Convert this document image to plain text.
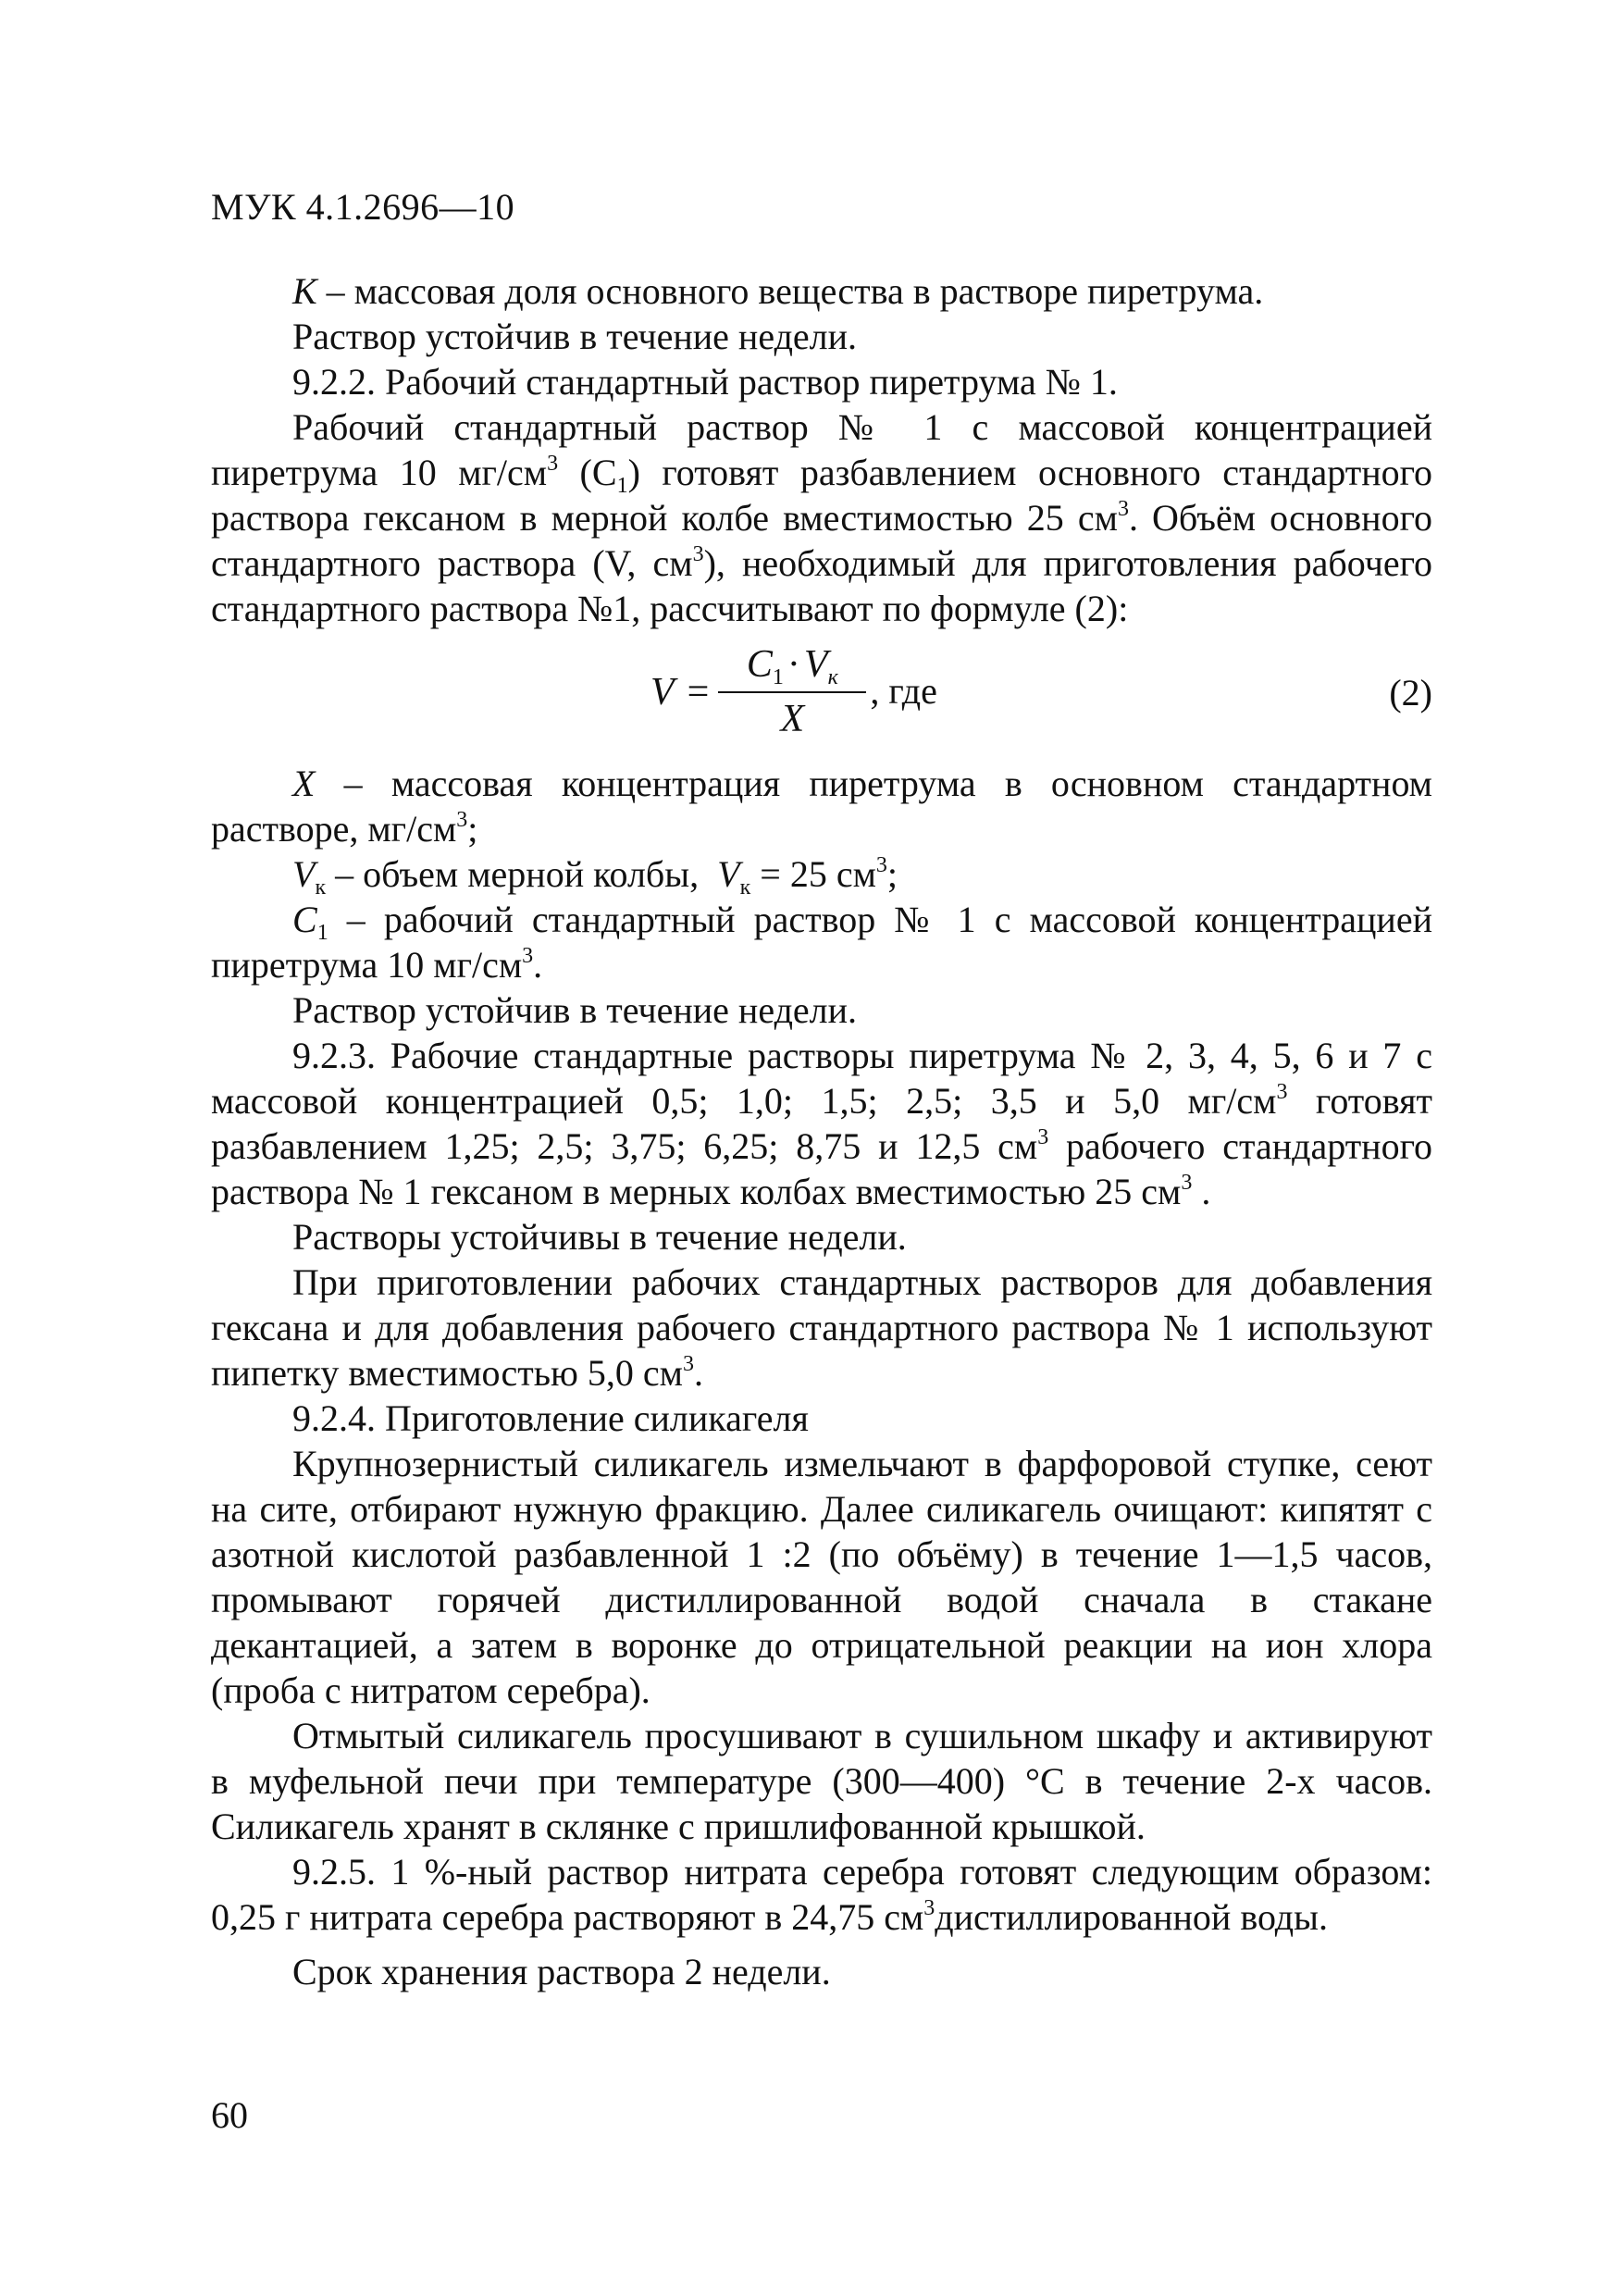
МУК 4.1.2696—10

К – массовая доля основного вещества в растворе пиретрума.

Раствор устойчив в течение недели.

9.2.2. Рабочий стандартный раствор пиретрума № 1.

Рабочий стандартный раствор № 1 с массовой концентрацией пиретрума 10 $мг/см^3$ $(С_1)$ готовят разбавлением основного стандартного раствора гексаном в мерной колбе вместимостью 25 $см^3$. Объём основного стандартного раствора (V, $см^3$), необходимый для приготовления рабочего стандартного раствора №1, рассчитывают по формуле (2):

$V = \frac{C_1\cdot V_к}{X}$ , где	(2)

X – массовая концентрация пиретрума в основном стандартном растворе, $мг/см^3$;

$V_к$ – объем мерной колбы,  $V_к = 25$ $см^3$;

$C_1$ – рабочий стандартный раствор № 1 с массовой концентрацией пиретрума 10 $мг/см^3$.

Раствор устойчив в течение недели.

9.2.3. Рабочие стандартные растворы пиретрума № 2, 3, 4, 5, 6 и 7 с массовой концентрацией 0,5; 1,0; 1,5; 2,5; 3,5 и 5,0 $мг/см^3$ готовят разбавлением 1,25; 2,5; 3,75; 6,25; 8,75 и 12,5 $см^3$ рабочего стандартного раствора № 1 гексаном в мерных колбах вместимостью 25 $см^3$ .

Растворы устойчивы в течение недели.

При приготовлении рабочих стандартных растворов для добавления гексана и для добавления рабочего стандартного раствора № 1 используют пипетку вместимостью 5,0 $см^3$.

9.2.4. Приготовление силикагеля

Крупнозернистый силикагель измельчают в фарфоровой ступке, сеют на сите, отбирают нужную фракцию. Далее силикагель очищают: кипятят с азотной кислотой разбавленной 1 :2 (по объёму) в течение 1—1,5 часов, промывают горячей дистиллированной водой сначала в стакане декантацией, а затем в воронке до отрицательной реакции на ион хлора (проба с нитратом серебра).

Отмытый силикагель просушивают в сушильном шкафу и активируют в муфельной печи при температуре (300—400) °С в течение 2-х часов. Силикагель хранят в склянке с пришлифованной крышкой.

9.2.5. 1 %-ный раствор нитрата серебра готовят следующим образом: 0,25 г нитрата серебра растворяют в 24,75 $см^3дистиллированной$ воды.

Срок хранения раствора 2 недели.

60
